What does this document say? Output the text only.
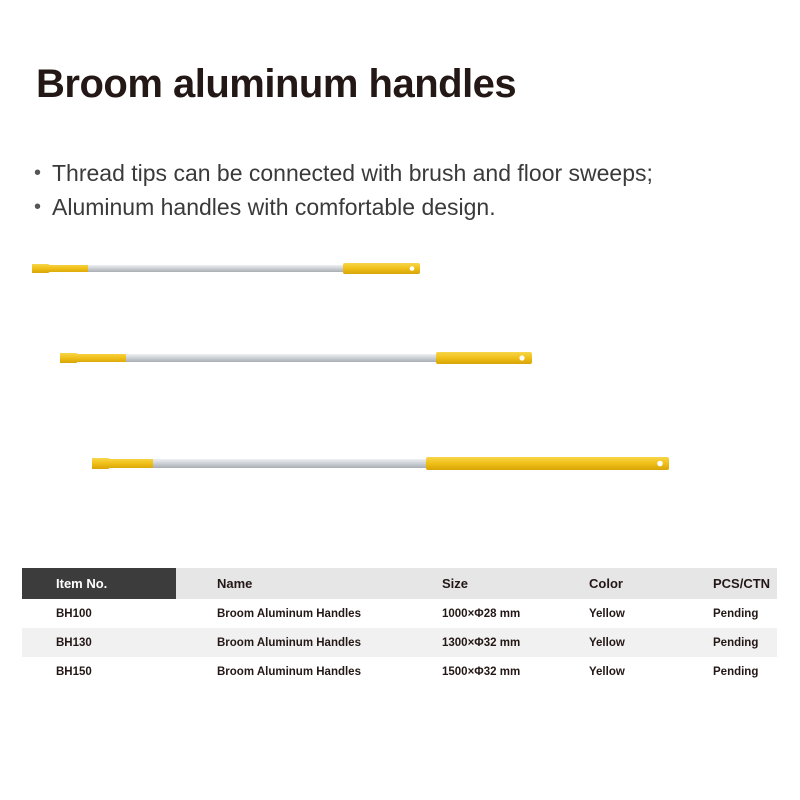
Broom aluminum handles
• Thread tips can be connected with brush and floor sweeps;
• Aluminum handles with comfortable design.
Item No.	Name	Size	Color	PCS/CTN
BH100	Broom Aluminum Handles	1000×Φ28 mm	Yellow	Pending
BH130	Broom Aluminum Handles	1300×Φ32 mm	Yellow	Pending
BH150	Broom Aluminum Handles	1500×Φ32 mm	Yellow	Pending
